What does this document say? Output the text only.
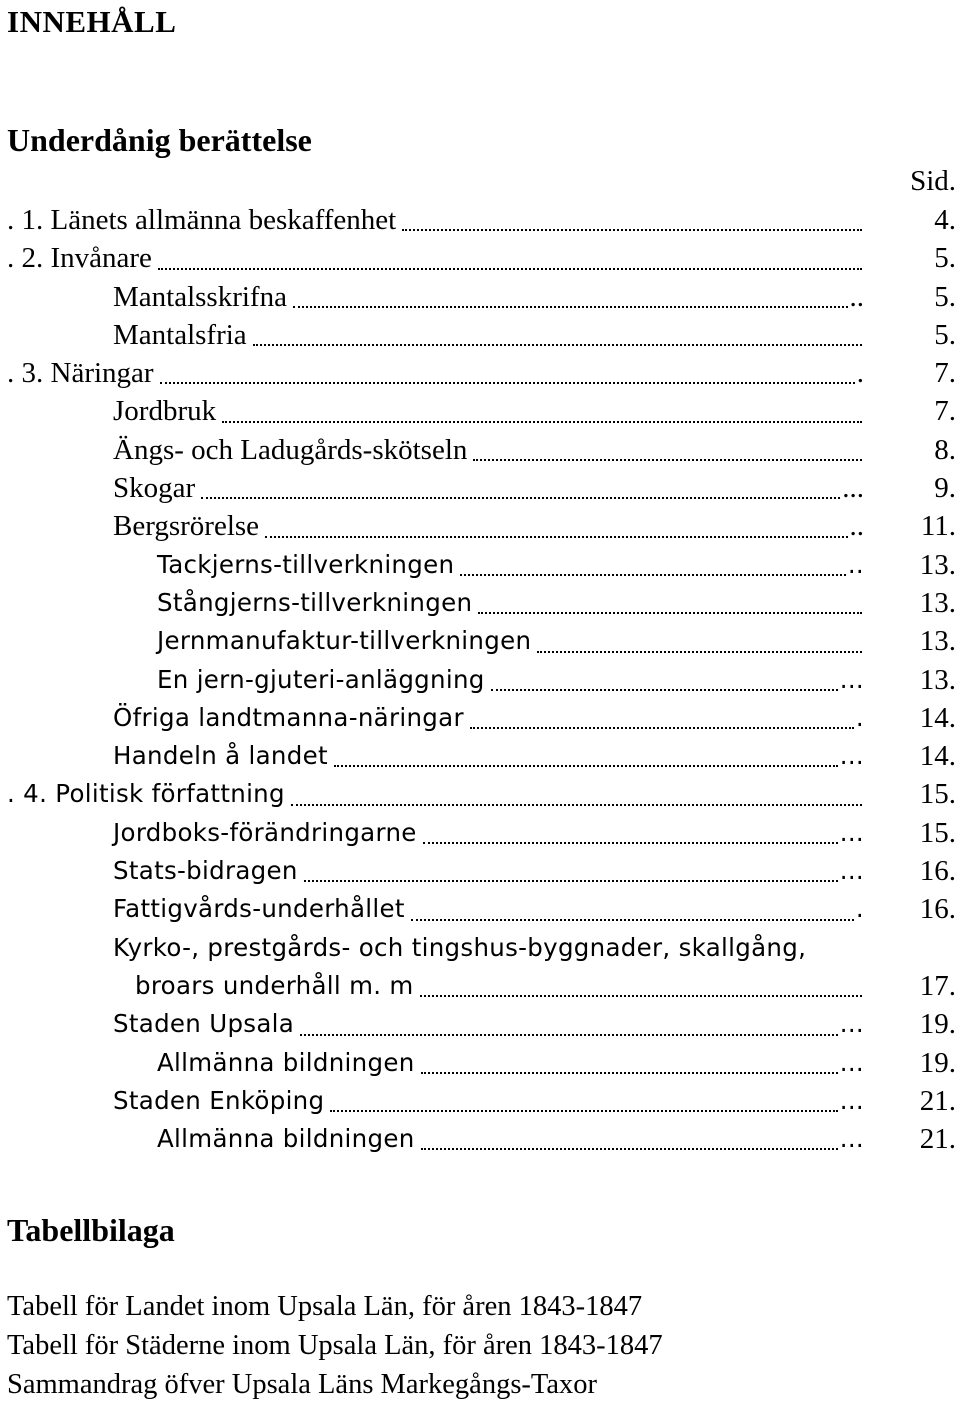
INNEHÅLL
Underdånig berättelse
Sid.
. 1. Länets allmänna beskaffenhet	4.
. 2. Invånare	5.
Mantalsskrifna	..	5.
Mantalsfria	5.
. 3. Näringar	.	7.
Jordbruk	7.
Ängs- och Ladugårds-skötseln	8.
Skogar	...	9.
Bergsrörelse	..	11.
Tackjerns-tillverkningen	..	13.
Stångjerns-tillverkningen	13.
Jernmanufaktur-tillverkningen	13.
En jern-gjuteri-anläggning	...	13.
Öfriga landtmanna-näringar	.	14.
Handeln å landet	...	14.
. 4. Politisk författning	15.
Jordboks-förändringarne	...	15.
Stats-bidragen	...	16.
Fattigvårds-underhållet	.	16.
Kyrko-, prestgårds- och tingshus-byggnader, skallgång,
broars underhåll m. m	17.
Staden Upsala	...	19.
Allmänna bildningen	...	19.
Staden Enköping	...	21.
Allmänna bildningen	...	21.
Tabellbilaga
Tabell för Landet inom Upsala Län, för åren 1843-1847
Tabell för Städerne inom Upsala Län, för åren 1843-1847
Sammandrag öfver Upsala Läns Markegångs-Taxor
